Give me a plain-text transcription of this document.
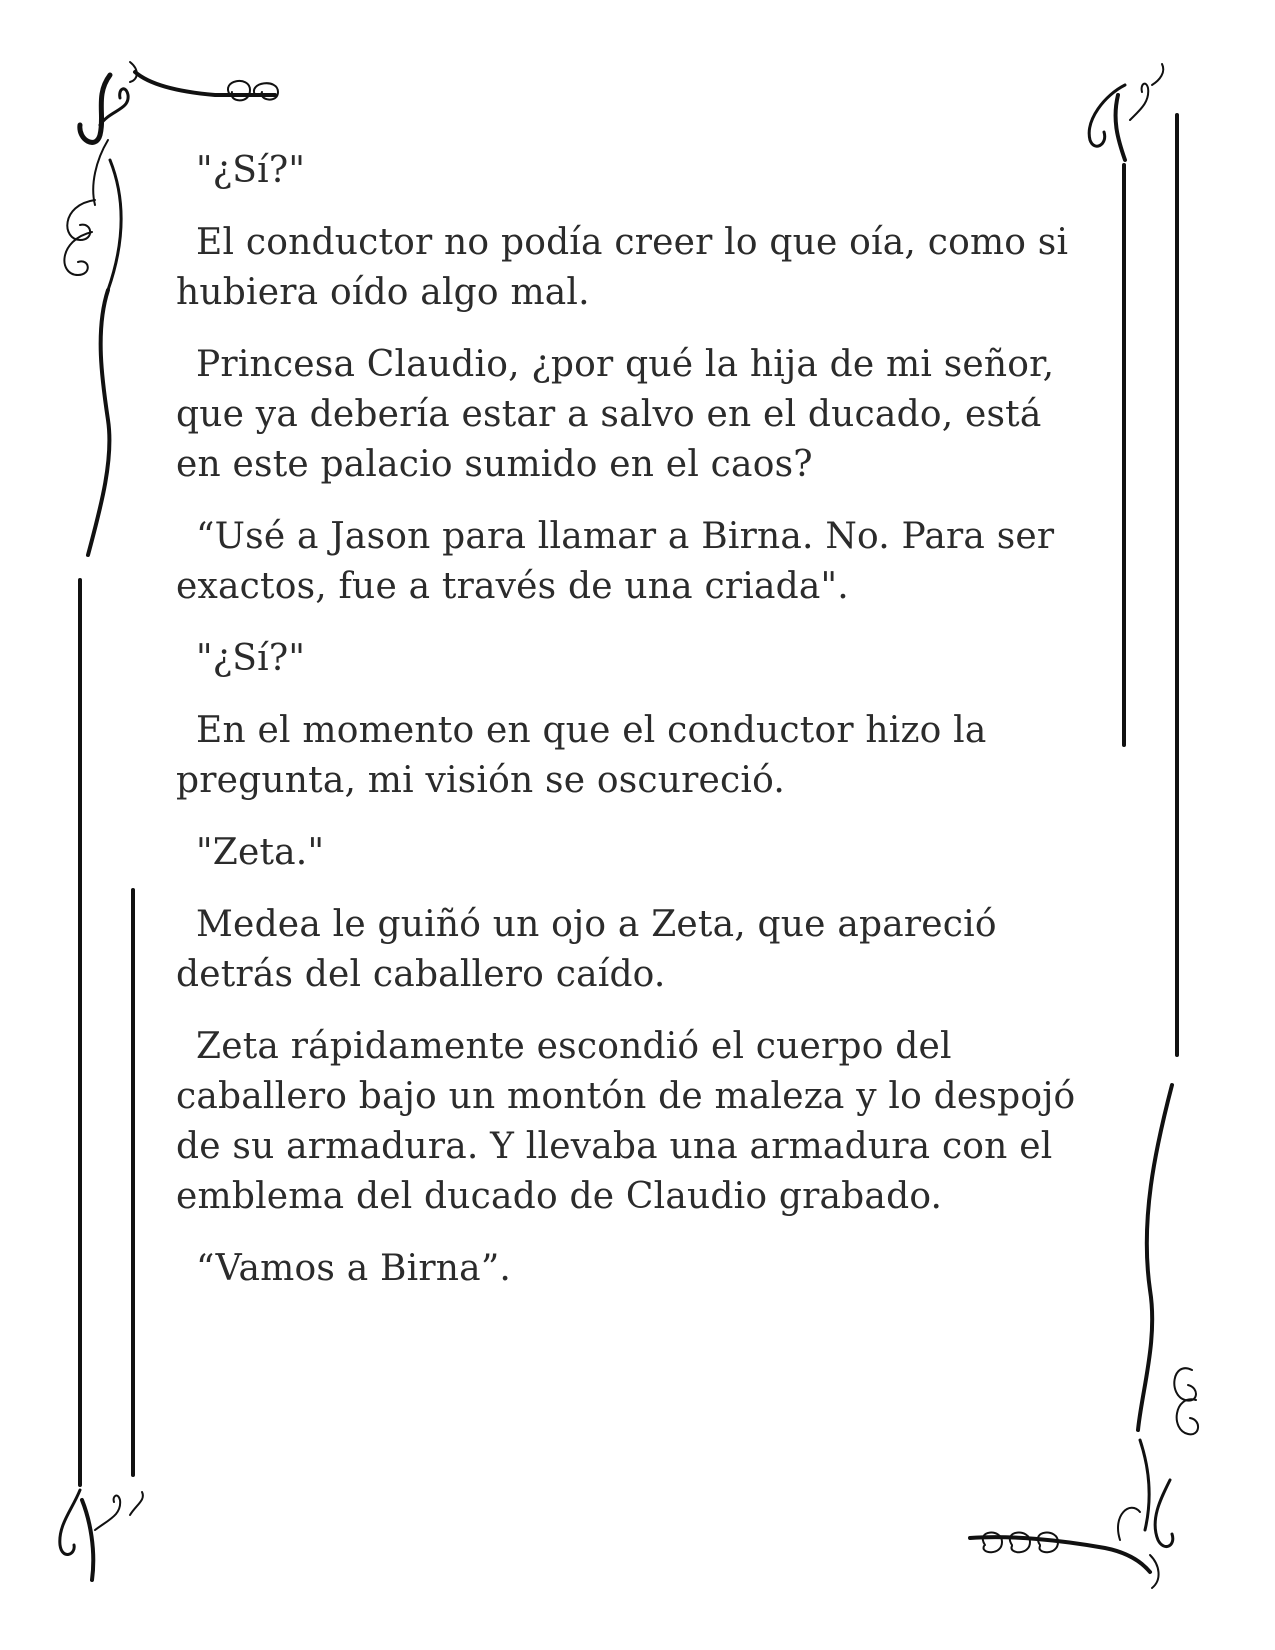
"¿Sí?"

El conductor no podía creer lo que oía, como si hubiera oído algo mal.

Princesa Claudio, ¿por qué la hija de mi señor, que ya debería estar a salvo en el ducado, está en este palacio sumido en el caos?

“Usé a Jason para llamar a Birna. No. Para ser exactos, fue a través de una criada".

"¿Sí?"

En el momento en que el conductor hizo la pregunta, mi visión se oscureció.

"Zeta."

Medea le guiñó un ojo a Zeta, que apareció detrás del caballero caído.

Zeta rápidamente escondió el cuerpo del caballero bajo un montón de maleza y lo despojó de su armadura. Y llevaba una armadura con el emblema del ducado de Claudio grabado.

“Vamos a Birna”.
